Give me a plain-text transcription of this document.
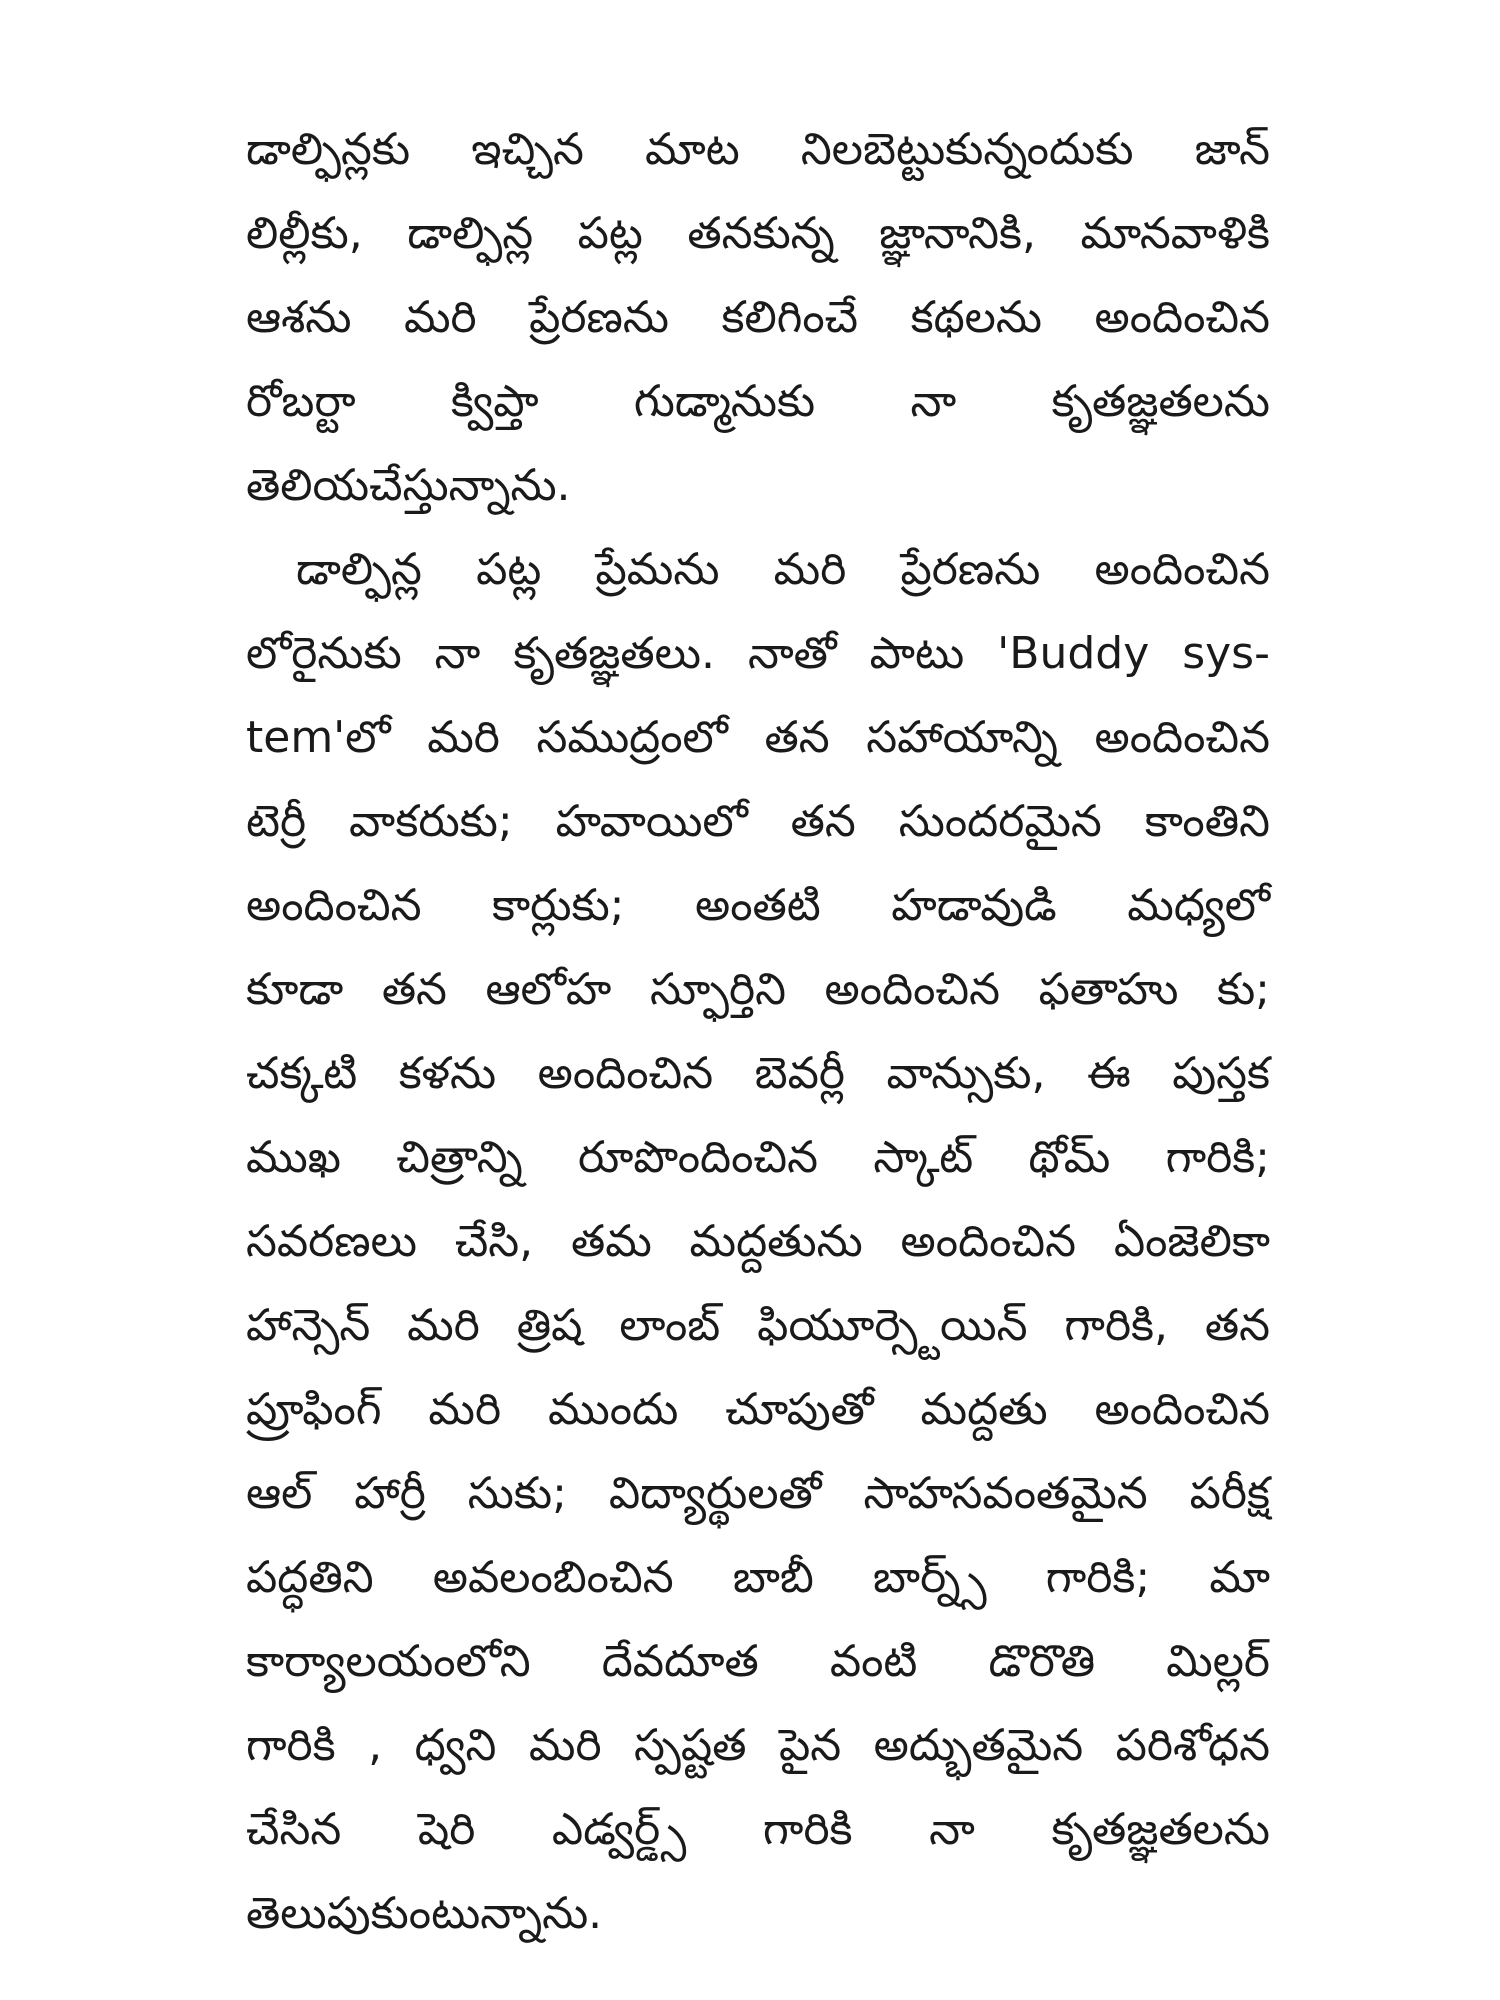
డాల్ఫిన్లకు ఇచ్చిన మాట నిలబెట్టుకున్నందుకు జాన్
లిల్లీకు, డాల్ఫిన్ల పట్ల తనకున్న జ్ఞానానికి, మానవాళికి
ఆశను మరి ప్రేరణను కలిగించే కథలను అందించిన
రోబర్టా క్విప్తా గుడ్మానుకు నా కృతజ్ఞతలను
తెలియచేస్తున్నాను.
డాల్ఫిన్ల పట్ల ప్రేమను మరి ప్రేరణను అందించిన
లోరైనుకు నా కృతజ్ఞతలు. నాతో పాటు 'Buddy sys-
tem'లో మరి సముద్రంలో తన సహాయాన్ని అందించిన
టెర్రీ వాకరుకు; హవాయిలో తన సుందరమైన కాంతిని
అందించిన కార్లుకు; అంతటి హడావుడి మధ్యలో
కూడా తన ఆలోహ స్ఫూర్తిని అందించిన ఫతాహు కు;
చక్కటి కళను అందించిన బెవర్లీ వాన్సుకు, ఈ పుస్తక
ముఖ చిత్రాన్ని రూపొందించిన స్కాట్ థోమ్ గారికి;
సవరణలు చేసి, తమ మద్దతును అందించిన ఏంజెలికా
హాన్సెన్ మరి త్రిష లాంబ్ ఫియూర్స్టెయిన్ గారికి, తన
ప్రూఫింగ్ మరి ముందు చూపుతో మద్దతు అందించిన
ఆల్ హార్రీ సుకు; విద్యార్థులతో సాహసవంతమైన పరీక్ష
పద్ధతిని అవలంబించిన బాబీ బార్న్స్ గారికి; మా
కార్యాలయంలోని దేవదూత వంటి డొరొతి మిల్లర్
గారికి , ధ్వని మరి స్పష్టత పైన అద్భుతమైన పరిశోధన
చేసిన షెరి ఎడ్వర్డ్స్ గారికి నా కృతజ్ఞతలను
తెలుపుకుంటున్నాను.
